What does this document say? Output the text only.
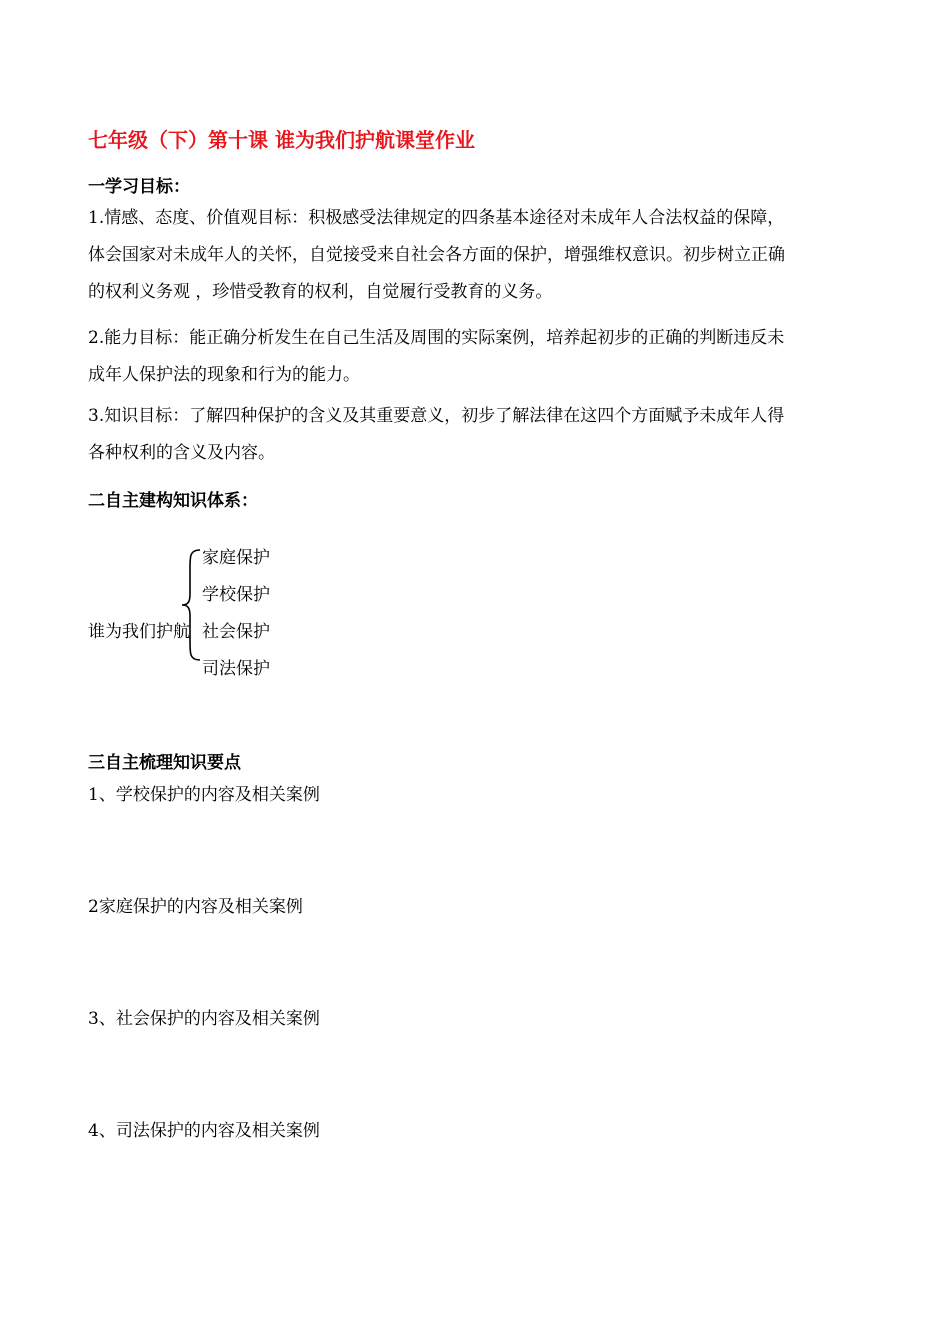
七年级（下）第十课 谁为我们护航课堂作业
一学习目标：
1.情感、态度、价值观目标：积极感受法律规定的四条基本途径对未成年人合法权益的保障，
体会国家对未成年人的关怀，自觉接受来自社会各方面的保护，增强维权意识。初步树立正确
的权利义务观 ，珍惜受教育的权利，自觉履行受教育的义务。
2.能力目标：能正确分析发生在自己生活及周围的实际案例，培养起初步的正确的判断违反未
成年人保护法的现象和行为的能力。
3.知识目标：了解四种保护的含义及其重要意义，初步了解法律在这四个方面赋予未成年人得
各种权利的含义及内容。
二自主建构知识体系：
谁为我们护航
家庭保护
学校保护
社会保护
司法保护
三自主梳理知识要点
1、学校保护的内容及相关案例
2家庭保护的内容及相关案例
3、社会保护的内容及相关案例
4、司法保护的内容及相关案例
